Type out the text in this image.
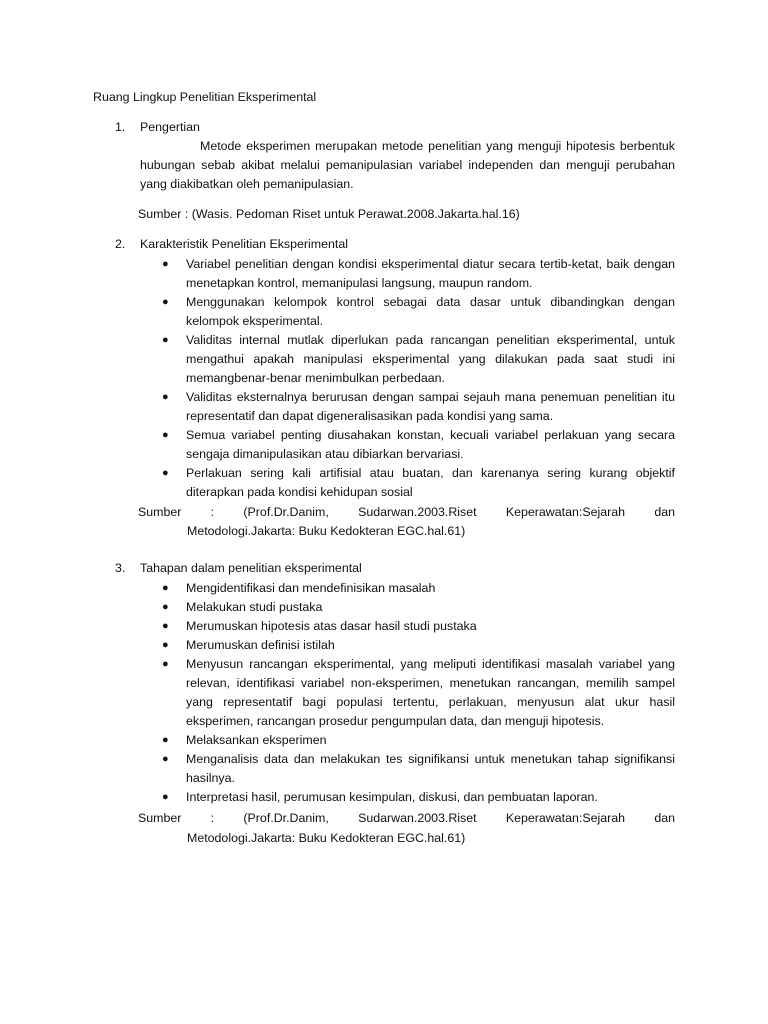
Ruang Lingkup Penelitian Eksperimental
1. Pengertian
Metode eksperimen merupakan metode penelitian yang menguji hipotesis berbentuk hubungan sebab akibat melalui pemanipulasian variabel independen dan menguji perubahan yang diakibatkan oleh pemanipulasian.
Sumber : (Wasis. Pedoman Riset untuk Perawat.2008.Jakarta.hal.16)
2. Karakteristik Penelitian Eksperimental
● Variabel penelitian dengan kondisi eksperimental diatur secara tertib-ketat, baik dengan menetapkan kontrol, memanipulasi langsung, maupun random.
● Menggunakan kelompok kontrol sebagai data dasar untuk dibandingkan dengan kelompok eksperimental.
● Validitas internal mutlak diperlukan pada rancangan penelitian eksperimental, untuk mengathui apakah manipulasi eksperimental yang dilakukan pada saat studi ini memangbenar-benar menimbulkan perbedaan.
● Validitas eksternalnya berurusan dengan sampai sejauh mana penemuan penelitian itu representatif dan dapat digeneralisasikan pada kondisi yang sama.
● Semua variabel penting diusahakan konstan, kecuali variabel perlakuan yang secara sengaja dimanipulasikan atau dibiarkan bervariasi.
● Perlakuan sering kali artifisial atau buatan, dan karenanya sering kurang objektif diterapkan pada kondisi kehidupan sosial
Sumber : (Prof.Dr.Danim, Sudarwan.2003.Riset Keperawatan:Sejarah dan
Metodologi.Jakarta: Buku Kedokteran EGC.hal.61)
3. Tahapan dalam penelitian eksperimental
● Mengidentifikasi dan mendefinisikan masalah
● Melakukan studi pustaka
● Merumuskan hipotesis atas dasar hasil studi pustaka
● Merumuskan definisi istilah
● Menyusun rancangan eksperimental, yang meliputi identifikasi masalah variabel yang relevan, identifikasi variabel non-eksperimen, menetukan rancangan, memilih sampel yang representatif bagi populasi tertentu, perlakuan, menyusun alat ukur hasil eksperimen, rancangan prosedur pengumpulan data, dan menguji hipotesis.
● Melaksankan eksperimen
● Menganalisis data dan melakukan tes signifikansi untuk menetukan tahap signifikansi hasilnya.
● Interpretasi hasil, perumusan kesimpulan, diskusi, dan pembuatan laporan.
Sumber : (Prof.Dr.Danim, Sudarwan.2003.Riset Keperawatan:Sejarah dan
Metodologi.Jakarta: Buku Kedokteran EGC.hal.61)
